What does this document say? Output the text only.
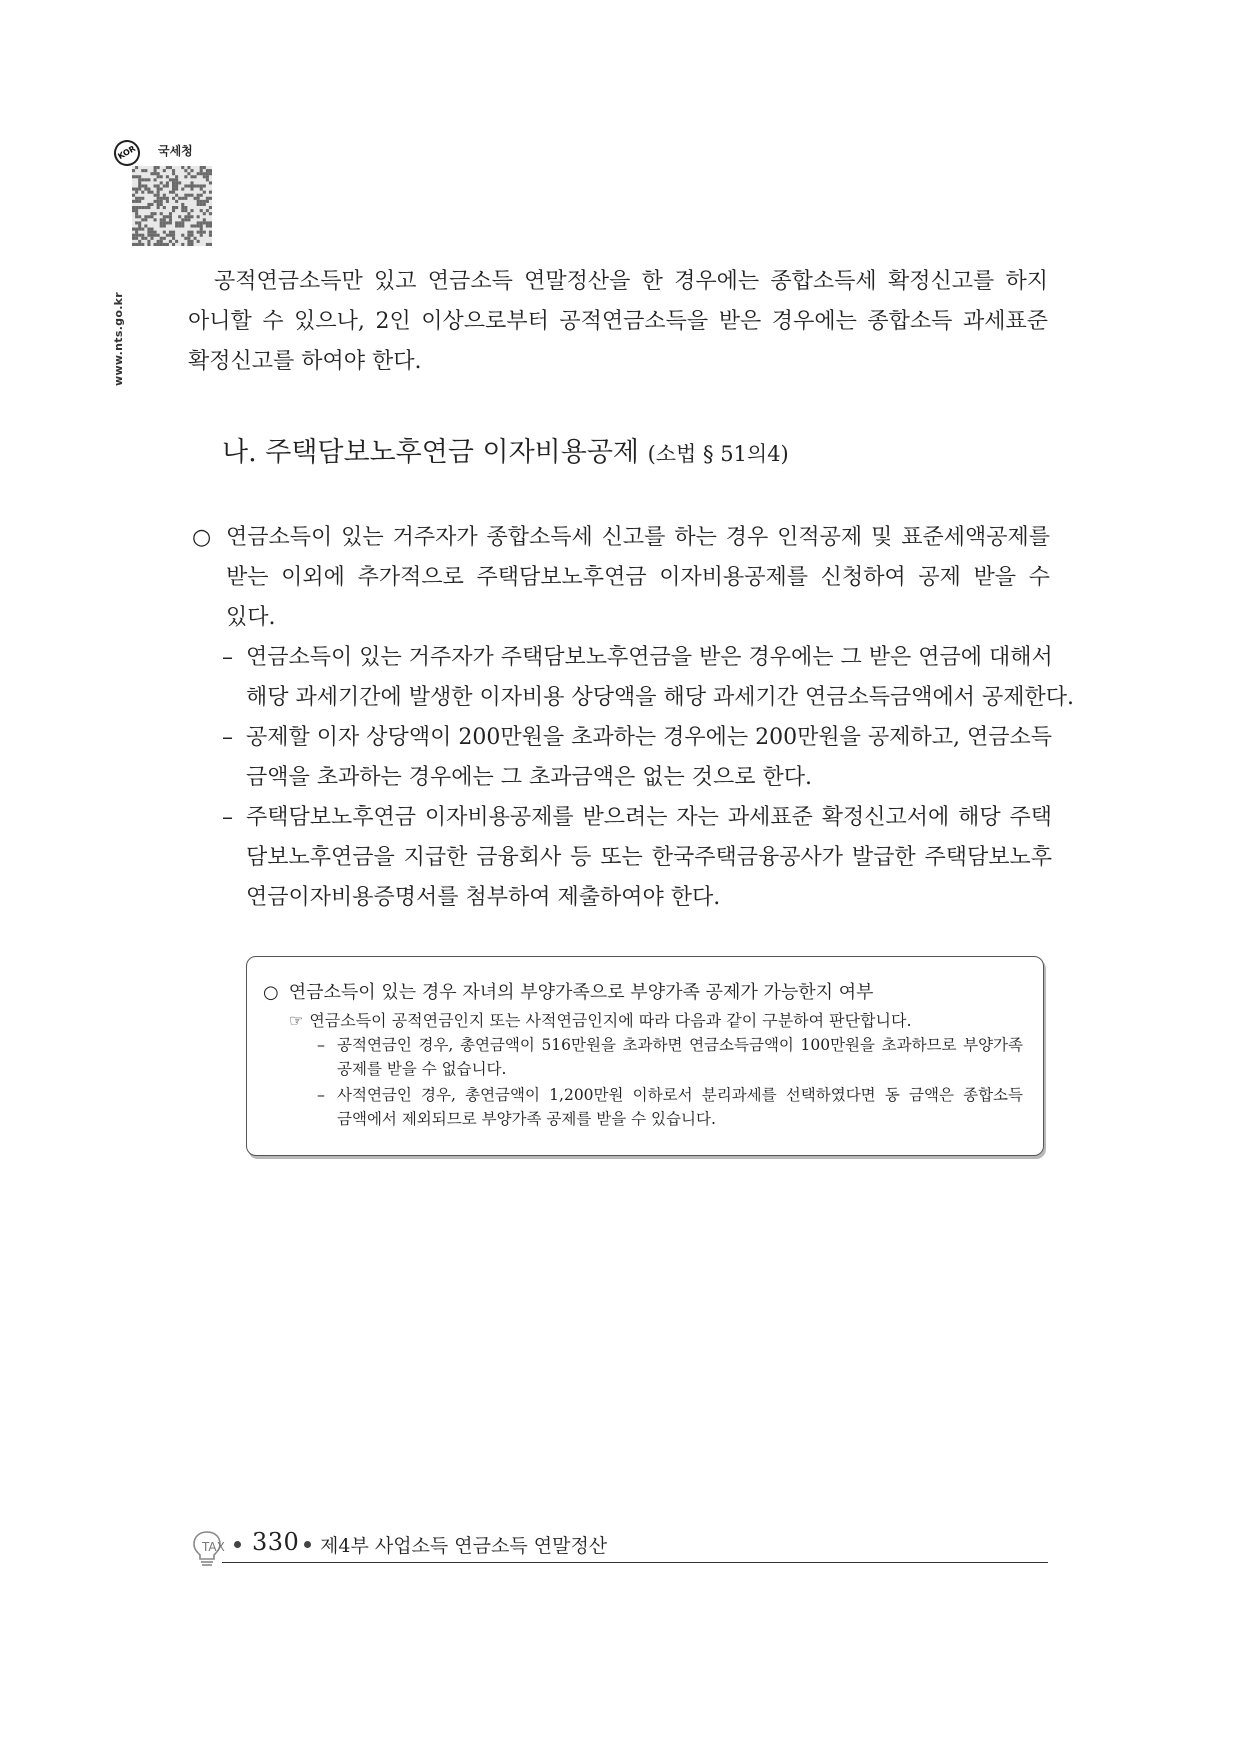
www.nts.go.kr
KOR	국세청
공적연금소득만 있고 연금소득 연말정산을 한 경우에는 종합소득세 확정신고를 하지
아니할 수 있으나, 2인 이상으로부터 공적연금소득을 받은 경우에는 종합소득 과세표준
확정신고를 하여야 한다.
나. 주택담보노후연금 이자비용공제 (소법 § 51의4)
○ 연금소득이 있는 거주자가 종합소득세 신고를 하는 경우 인적공제 및 표준세액공제를
받는 이외에 추가적으로 주택담보노후연금 이자비용공제를 신청하여 공제 받을 수
있다.
– 연금소득이 있는 거주자가 주택담보노후연금을 받은 경우에는 그 받은 연금에 대해서
해당 과세기간에 발생한 이자비용 상당액을 해당 과세기간 연금소득금액에서 공제한다.
– 공제할 이자 상당액이 200만원을 초과하는 경우에는 200만원을 공제하고, 연금소득
금액을 초과하는 경우에는 그 초과금액은 없는 것으로 한다.
– 주택담보노후연금 이자비용공제를 받으려는 자는 과세표준 확정신고서에 해당 주택
담보노후연금을 지급한 금융회사 등 또는 한국주택금융공사가 발급한 주택담보노후
연금이자비용증명서를 첨부하여 제출하여야 한다.
○ 연금소득이 있는 경우 자녀의 부양가족으로 부양가족 공제가 가능한지 여부
☞ 연금소득이 공적연금인지 또는 사적연금인지에 따라 다음과 같이 구분하여 판단합니다.
– 공적연금인 경우, 총연금액이 516만원을 초과하면 연금소득금액이 100만원을 초과하므로 부양가족
공제를 받을 수 없습니다.
– 사적연금인 경우, 총연금액이 1,200만원 이하로서 분리과세를 선택하였다면 동 금액은 종합소득
금액에서 제외되므로 부양가족 공제를 받을 수 있습니다.
TAX 330 제4부 사업소득 연금소득 연말정산
